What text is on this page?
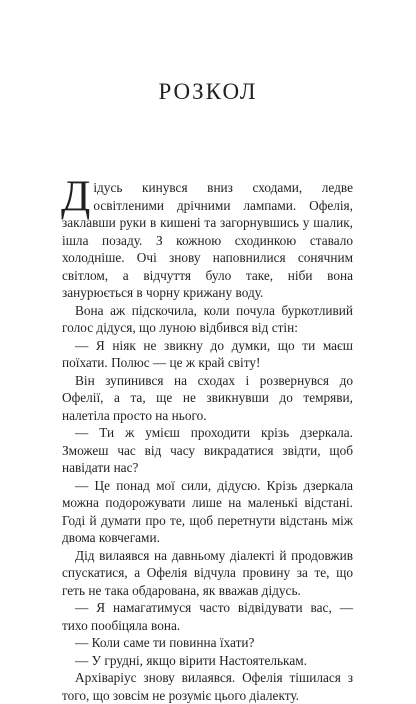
РОЗКОЛ

Дідусь кинувся вниз сходами, ледве освітленими дрічними лампами. Офелія, заклавши руки в кишені та загорнувшись у шалик, ішла позаду. З кожною сходинкою ставало холодніше. Очі знову наповнилися сонячним світлом, а відчуття було таке, ніби вона занурюється в чорну крижану воду.

Вона аж підскочила, коли почула буркотливий голос дідуся, що луною відбився від стін:

— Я ніяк не звикну до думки, що ти маєш поїхати. Полюс — це ж край світу!

Він зупинився на сходах і розвернувся до Офелії, а та, ще не звикнувши до темряви, налетіла просто на нього.

— Ти ж умієш проходити крізь дзеркала. Зможеш час від часу викрадатися звідти, щоб навідати нас?

— Це понад мої сили, дідусю. Крізь дзеркала можна подорожувати лише на маленькі відстані. Годі й думати про те, щоб перетнути відстань між двома ковчегами.

Дід вилаявся на давньому діалекті й продовжив спускатися, а Офелія відчула провину за те, що геть не така обдарована, як вважав дідусь.

— Я намагатимуся часто відвідувати вас, — тихо пообіцяла вона.

— Коли саме ти повинна їхати?

— У грудні, якщо вірити Настоятелькам.

Архіваріус знову вилаявся. Офелія тішилася з того, що зовсім не розуміє цього діалекту.
